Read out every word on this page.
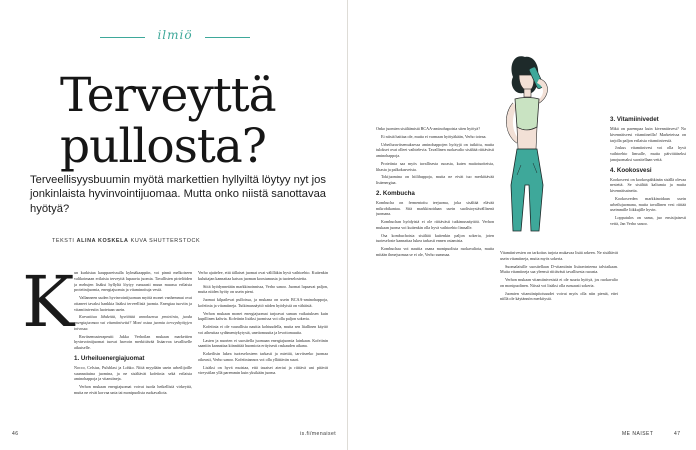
ilmiö
Terveyttä
pullosta?
Terveellisyysbuumin myötä markettien hyllyiltä löytyy nyt jos jonkinlaista hyvinvointijuomaa. Mutta onko niistä sanottavaa hyötyä?
TEKSTI ALINA KOSKELA KUVA SHUTTERSTOCK
K un kurkistaa kauppareissulla kylmäkaappiin, voi pinnä melkoiseen valikoimaan erilaisia terveyttä lupaavia juomia. Tavallisten pirtelöiden ja mehujen lisäksi hyllyltä löytyy runsaasti muun muassa erilaisia proteiinijuomia, energiajuomia ja vitaminoituja vesiä.

Vallanneen uuden hyvinvointijuoman myötä monet vanhemmat ovat ottaneet tavaksi hankkia lisäksi terveellisiä juomia. Energiaa tuoviin ja vitamiinivesiin luotetaan usein.

Karvaittua lähdetää, hyvöittää annoksensa proteiinia, juoda energiajuomaa vai vitamiinivettä? Moni ostaa juomia terveyshyötyjen toivossa.

Ravitsemusterapeutti Jukka Verhoilan mukaan markettien hyvinvointijuomat tuovat harvoin merkittävää lisäarvoa tavalliselle aikuiselle.

1. Urheiluenergiajuomat

Nocco, Celsius, Pulsblast ja Lohko. Niitä myydään usein urheilijoille suunnattuina juomina, ja ne sisältävät kofeiinia sekä erilaisia aminohappoja ja vitamiineja.

Verhon mukaan energiajuomat voivat tuoda hetkellistä virkeyttä, mutta ne eivät korvaa unta tai monipuolista ruokavaliota.

Verho ajattelee, että tällaiset juomat ovat välilläkin hyvä vaihtoehto. Kuitenkin kuluttajan kannattaa katsoa juoman koostumusta ja tuoteselostetta.

Siitä hyödynnetään markkinoinnissa, Verho sanoo. Juomat lupaavat paljon, mutta niiden hyöty on usein pieni.

Juomat kilpailevat pulloissa, ja mukana on usein BCAA-aminohappoja, kofeiinia ja vitamiineja. Tutkimusnäyttö niiden hyödyistä on vähäistä.

Verhon mukaan monet energiajuomat tarjoavat saman vaikutuksen kuin kupillinen kahvia. Kofeiinin lisäksi juomissa voi olla paljon sokeria.

Kofeiinia ei ole vaarallista nauttia kohtuudella, mutta sen liiallinen käyttö voi aiheuttaa sydämentykytystä, unettomuutta ja levottomuutta.

Lasten ja nuorten ei suositella juomaan energiajuomia lainkaan. Kofeiinin saantiin kannattaa kiinnittää huomiota erityisesti raskauden aikana.

Kokeilisin lukea tuoteselosteen tarkasti ja miettiä, tarvitseeko juomaa oikeasti, Verho sanoo. Kofeiiniannos voi olla yllättävän suuri.

Lisäksi on hyvä muistaa, että tasaiset ateriat ja riittävä uni pitävät vireystilan yllä paremmin kuin yksikään juoma.

46	is.fi/menaiset

Onko juomien sisältämistä BCAA-aminohapoista siten hyötyä?

Ei niistä haittaa ole, mutta ei varmaan hyötyäkään, Verho toteaa.

Urheiluravitsemuksessa aminohappojen hyötyjä on tutkittu, mutta tulokset ovat olleet vaihtelevia. Tavallinen ruokavalio sisältää riittävästi aminohappoja.

Proteiinia saa myös tavallisesta ruoasta, kuten maitotuotteista, lihasta ja palkokasveista.

Tokijuomina on hiilihappoja, mutta ne eivät tuo merkittävää lisäenergiaa.

2. Kombucha

Kombucha on fermentoitu teejuoma, joka sisältää elävää mikrobikantaa. Sitä markkinoidaan usein suolistoystävällisenä juomana.

Kombuchan hyödyistä ei ole riittävästi tutkimusnäyttöä. Verhon mukaan juoma voi kuitenkin olla hyvä vaihtoehto limsalle.

Osa kombuchoista sisältää kuitenkin paljon sokeria, joten tuoteseloste kannattaa lukea tarkasti ennen ostamista.

Kombuchaa voi nauttia osana monipuolista ruokavaliota, mutta mitään ihmejuomaa se ei ole, Verho summaa.	Vitamiinivesien on tarkoitus tarjota mukavaa lisää arkeen. Ne sisältävät usein vitamiineja, mutta myös sokeria.

Suomalaisille suositellaan D-vitamiinin lisäravinteena talviaikaan. Muita vitamiineja saa yleensä riittävästi tavallisesta ruoasta.

Verhon mukaan vitamiinivesistä ei ole suurta hyötyä, jos ruokavalio on monipuolinen. Niissä voi lisäksi olla runsaasti sokeria.

Juomien vitamiinipitoisuudet voivat myös olla niin pieniä, ettei niillä ole käytännön merkitystä.

3. Vitamiinivedet

Mikä on parempaa kuin kivennäisvesi? No kivennäisvesi vitamiineilla! Marketeissa on tarjolla paljon erilaisia vitamiinivesiä.

Joskus vitamiinivesi voi olla hyvä vaihtoehto limsalle, mutta päivittäiseksi janojuomaksi suositellaan vettä.

4. Kookosvesi

Kookosvesi on kookospähkinän sisällä olevaa nestettä. Se sisältää kaliumia ja muita kivennäisaineita.

Kookosveden markkinoidaan usein urheilujuomana, mutta tavallinen vesi riittää useimmille liikkujille hyvin.

Lopputulos on sama, juo ensisijaisesti vettä, Jan Verho sanoo.

ME NAISET	47
